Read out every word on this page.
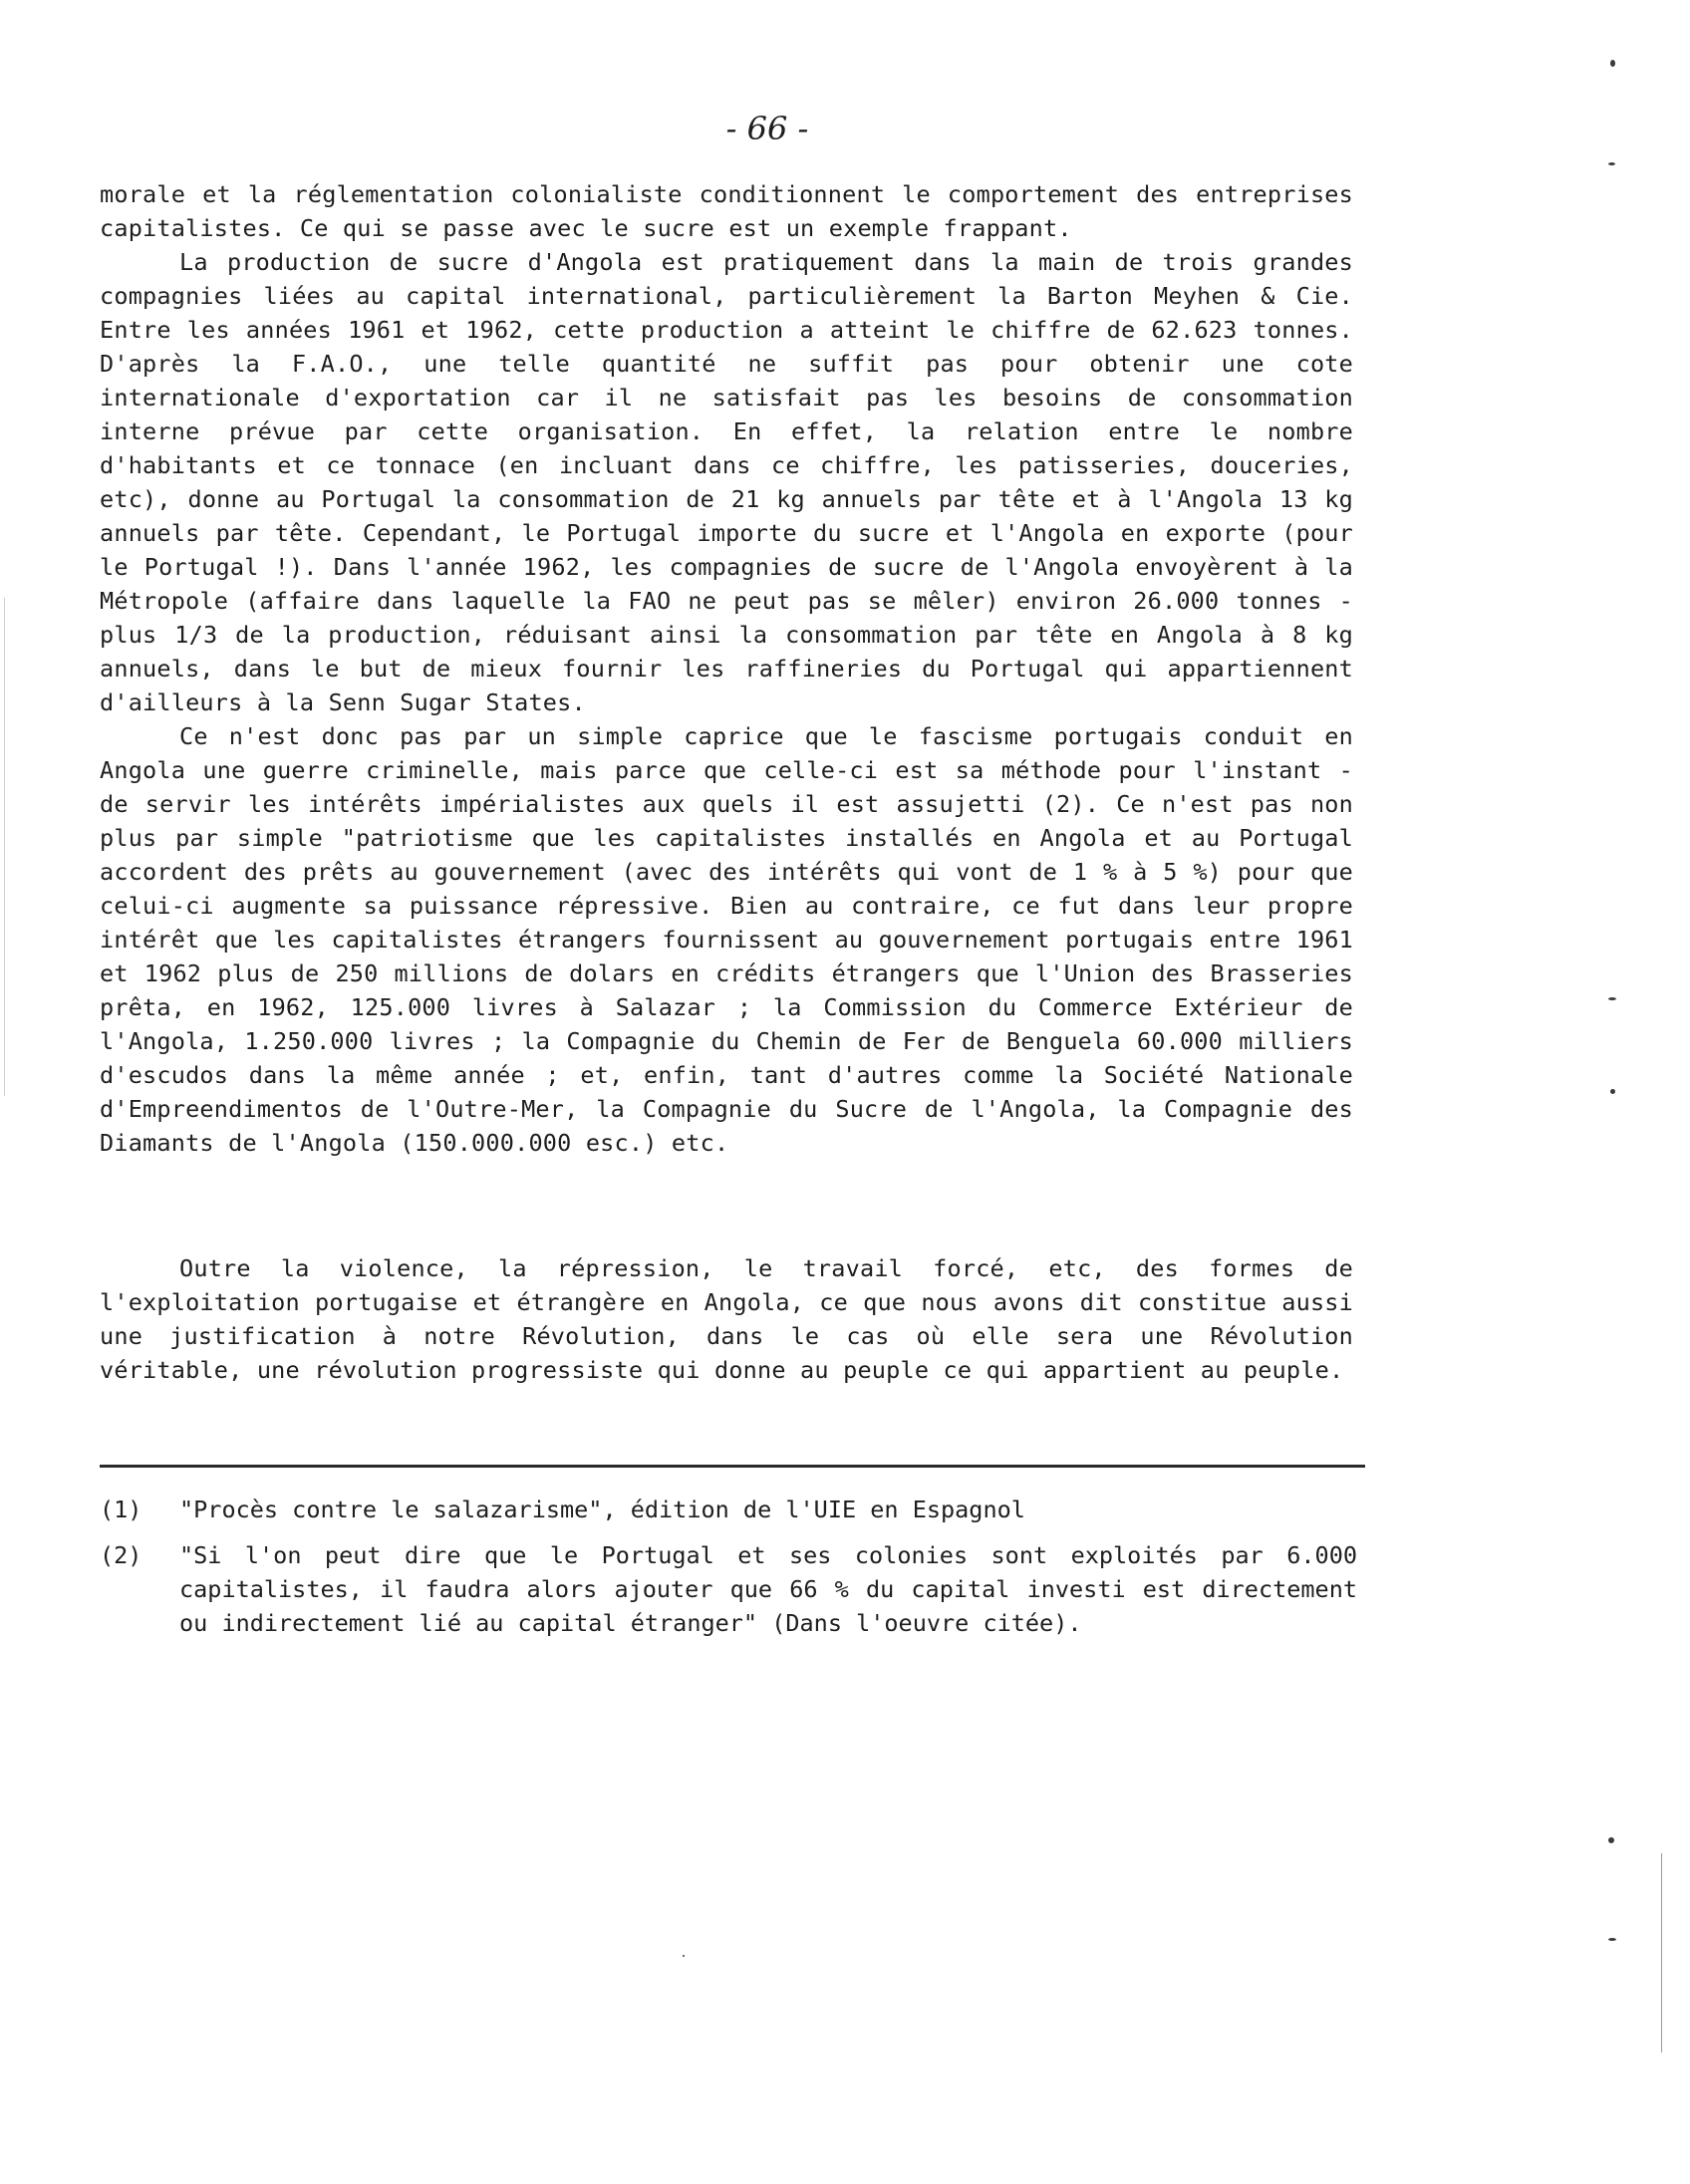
- 66 -

morale et la réglementation colonialiste conditionnent le comportement des entreprises capitalistes. Ce qui se passe avec le sucre est un exemple frappant.

La production de sucre d'Angola est pratiquement dans la main de trois grandes compagnies liées au capital international, particulièrement la Barton Meyhen & Cie. Entre les années 1961 et 1962, cette production a atteint le chiffre de 62.623 tonnes. D'après la F.A.O., une telle quantité ne suffit pas pour obtenir une cote internationale d'exportation car il ne satisfait pas les besoins de consommation interne prévue par cette organisation. En effet, la relation entre le nombre d'habitants et ce tonnace (en incluant dans ce chiffre, les patisseries, douceries, etc), donne au Portugal la consommation de 21 kg annuels par tête et à l'Angola 13 kg annuels par tête. Cependant, le Portugal importe du sucre et l'Angola en exporte (pour le Portugal !). Dans l'année 1962, les compagnies de sucre de l'Angola envoyèrent à la Métropole (affaire dans laquelle la FAO ne peut pas se mêler) environ 26.000 tonnes - plus 1/3 de la production, réduisant ainsi la consommation par tête en Angola à 8 kg annuels, dans le but de mieux fournir les raffineries du Portugal qui appartiennent d'ailleurs à la Senn Sugar States.

Ce n'est donc pas par un simple caprice que le fascisme portugais conduit en Angola une guerre criminelle, mais parce que celle-ci est sa méthode pour l'instant - de servir les intérêts impérialistes aux quels il est assujetti (2). Ce n'est pas non plus par simple "patriotisme que les capitalistes installés en Angola et au Portugal accordent des prêts au gouvernement (avec des intérêts qui vont de 1 % à 5 %) pour que celui-ci augmente sa puissance répressive. Bien au contraire, ce fut dans leur propre intérêt que les capitalistes étrangers fournissent au gouvernement portugais entre 1961 et 1962 plus de 250 millions de dolars en crédits étrangers que l'Union des Brasseries prêta, en 1962, 125.000 livres à Salazar ; la Commission du Commerce Extérieur de l'Angola, 1.250.000 livres ; la Compagnie du Chemin de Fer de Benguela 60.000 milliers d'escudos dans la même année ; et, enfin, tant d'autres comme la Société Nationale d'Empreendimentos de l'Outre-Mer, la Compagnie du Sucre de l'Angola, la Compagnie des Diamants de l'Angola (150.000.000 esc.) etc.

Outre la violence, la répression, le travail forcé, etc, des formes de l'exploitation portugaise et étrangère en Angola, ce que nous avons dit constitue aussi une justification à notre Révolution, dans le cas où elle sera une Révolution véritable, une révolution progressiste qui donne au peuple ce qui appartient au peuple.

(1)	"Procès contre le salazarisme", édition de l'UIE en Espagnol
(2)	"Si l'on peut dire que le Portugal et ses colonies sont exploités par 6.000 capitalistes, il faudra alors ajouter que 66 % du capital investi est directement ou indirectement lié au capital étranger" (Dans l'oeuvre citée).
